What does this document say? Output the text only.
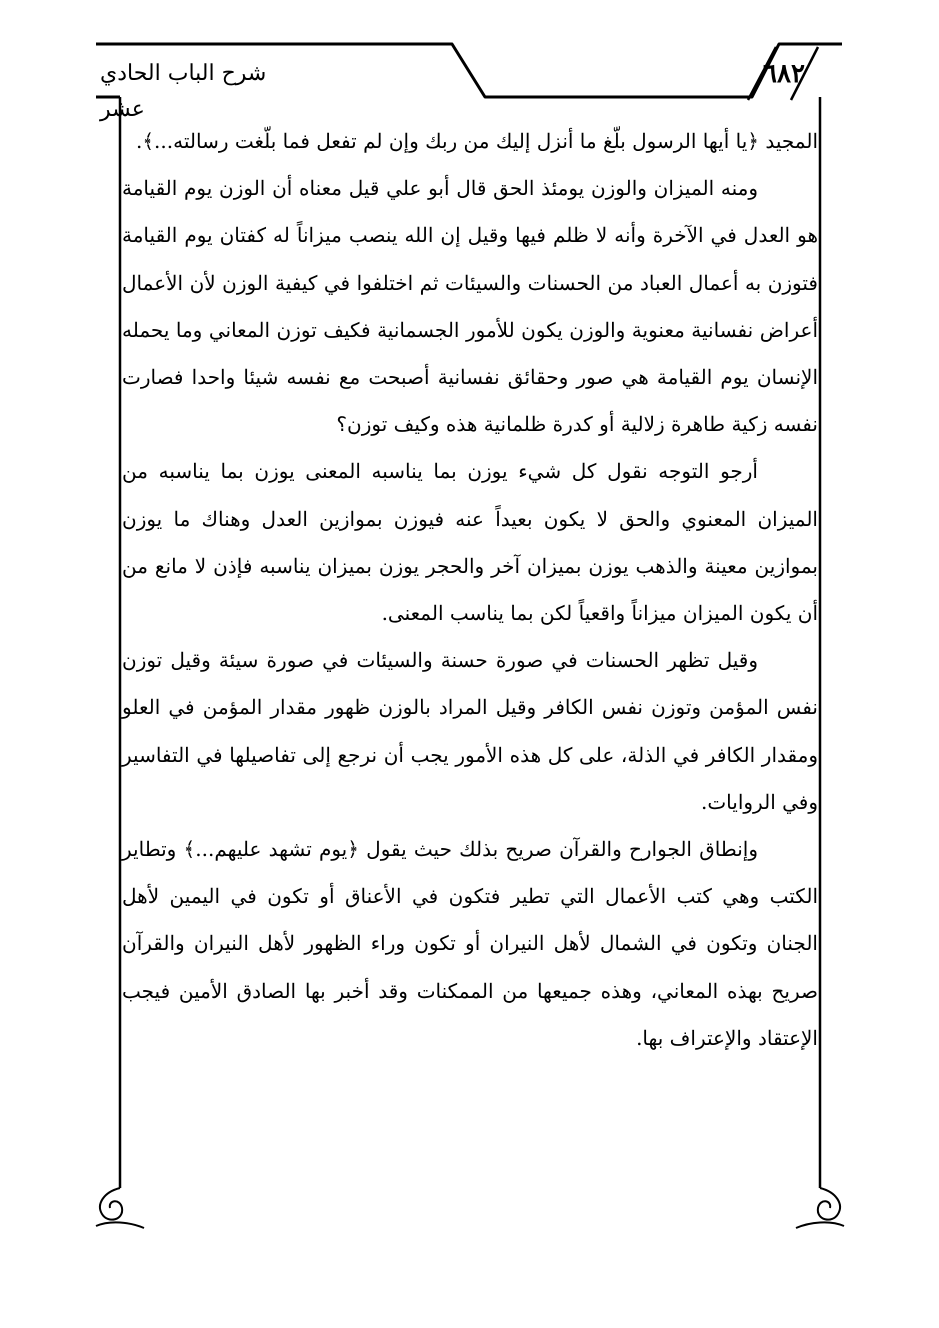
شرح الباب الحادي عشر
٦٨٢

المجيد ﴿يا أيها الرسول بلّغ ما أنزل إليك من ربك وإن لم تفعل فما بلّغت رسالته...﴾.

ومنه الميزان والوزن يومئذ الحق قال أبو علي قيل معناه أن الوزن يوم القيامة هو العدل في الآخرة وأنه لا ظلم فيها وقيل إن الله ينصب ميزاناً له كفتان يوم القيامة فتوزن به أعمال العباد من الحسنات والسيئات ثم اختلفوا في كيفية الوزن لأن الأعمال أعراض نفسانية معنوية والوزن يكون للأمور الجسمانية فكيف توزن المعاني وما يحمله الإنسان يوم القيامة هي صور وحقائق نفسانية أصبحت مع نفسه شيئا واحدا فصارت نفسه زكية طاهرة زلالية أو كدرة ظلمانية هذه وكيف توزن؟

أرجو التوجه نقول كل شيء يوزن بما يناسبه المعنى يوزن بما يناسبه من الميزان المعنوي والحق لا يكون بعيداً عنه فيوزن بموازين العدل وهناك ما يوزن بموازين معينة والذهب يوزن بميزان آخر والحجر يوزن بميزان يناسبه فإذن لا مانع من أن يكون الميزان ميزاناً واقعياً لكن بما يناسب المعنى.

وقيل تظهر الحسنات في صورة حسنة والسيئات في صورة سيئة وقيل توزن نفس المؤمن وتوزن نفس الكافر وقيل المراد بالوزن ظهور مقدار المؤمن في العلو ومقدار الكافر في الذلة، على كل هذه الأمور يجب أن نرجع إلى تفاصيلها في التفاسير وفي الروايات.

وإنطاق الجوارح والقرآن صريح بذلك حيث يقول ﴿يوم تشهد عليهم...﴾ وتطاير الكتب وهي كتب الأعمال التي تطير فتكون في الأعناق أو تكون في اليمين لأهل الجنان وتكون في الشمال لأهل النيران أو تكون وراء الظهور لأهل النيران والقرآن صريح بهذه المعاني، وهذه جميعها من الممكنات وقد أخبر بها الصادق الأمين فيجب الإعتقاد والإعتراف بها.
